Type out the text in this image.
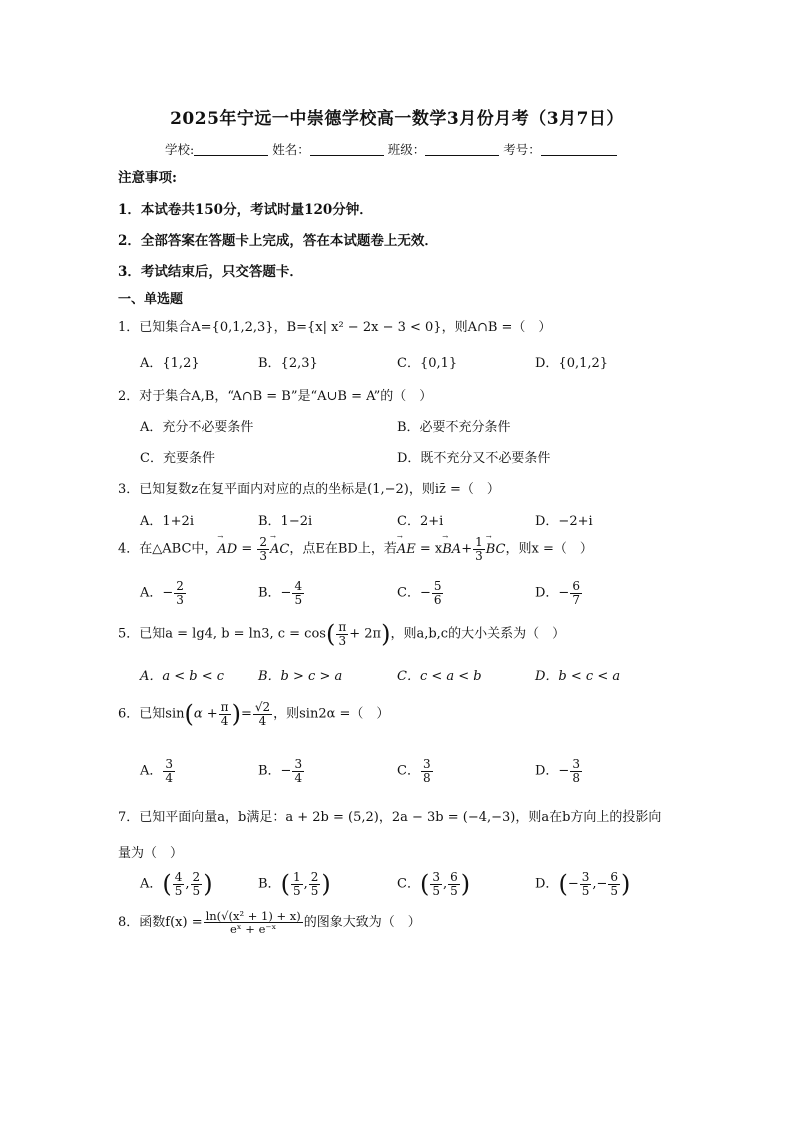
2025年宁远一中崇德学校高一数学3月份月考（3月7日）
学校:	姓名：	班级：	考号：
注意事项:
1．本试卷共150分，考试时量120分钟．
2．全部答案在答题卡上完成，答在本试题卷上无效．
3．考试结束后，只交答题卡．
一、单选题
1．已知集合A={0,1,2,3}，B={x| x² − 2x − 3 < 0}，则A∩B =（　）
A．{1,2}	B．{2,3}	C．{0,1}	D．{0,1,2}
2．对于集合A,B，“A∩B = B”是“A∪B = A”的（　）
A．充分不必要条件	B．必要不充分条件
C．充要条件	D．既不充分又不必要条件
3．已知复数z在复平面内对应的点的坐标是(1,−2)，则iz̄ =（　）
A．1+2i	B．1−2i	C．2+i	D．−2+i
4．在△ABC中，
→
AD = $\frac{2}{3}$ →
AC，点E在BD上，若
→
AE = x
→
$BA+ \frac{1}{3}$ →
BC，则x =（　）
A．− $\frac{2}{3}$	B．− $\frac{4}{5}$	C．− $\frac{5}{6}$	D．− $\frac{6}{7}$
5．已知a = lg4, b = ln3, $c = \cos( \frac{\pi}{3} + 2\pi)$，则a,b,c的大小关系为（　）
A．a < b < c	B．b > c > a	C．c < a < b	D．b < c < a
6．已知$\sin(\alpha + \frac{\pi}{4}$ )= $\frac{√2}{4}$ ，则sin2α =（　）
A． $\frac{3}{4}$	B．− $\frac{3}{4}$	C． $\frac{3}{8}$	D．− $\frac{3}{8}$
7．已知平面向量a，b满足：a + 2b = (5,2)，2a − 3b = (−4,−3)，则a在b方向上的投影向
量为（　）
A．( $\frac{4}{5}$ , $\frac{2}{5}$ )	B．( $\frac{1}{5}$ , $\frac{2}{5}$ )	C．( $\frac{3}{5}$ , $\frac{6}{5}$ )	D．(− $\frac{3}{5}$ ,− $\frac{6}{5}$ )
8．函数$f(x) = \frac{\text{ln(√(x² + 1) + x)}}{\text{eˣ + e⁻ˣ}}$ 的图象大致为（　）
